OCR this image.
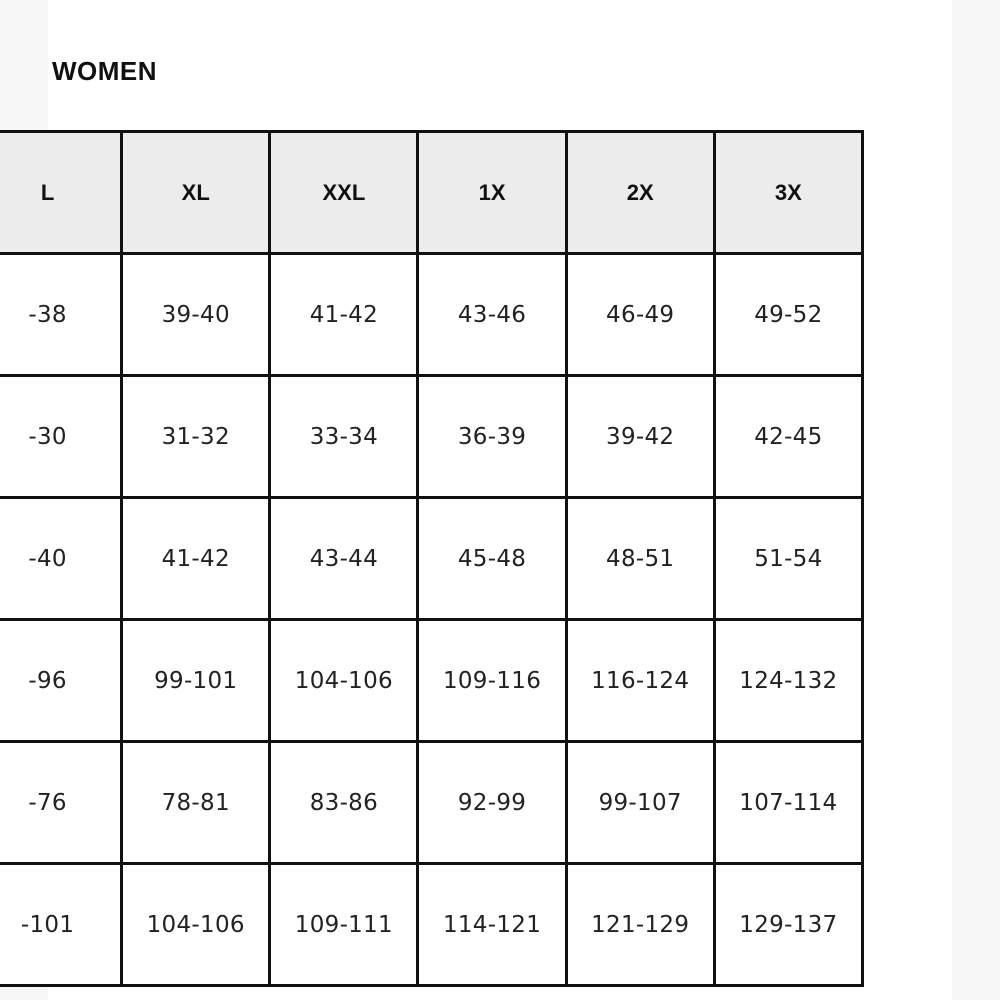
WOMEN
L	XL	XXL	1X	2X	3X
-38	39-40	41-42	43-46	46-49	49-52
-30	31-32	33-34	36-39	39-42	42-45
-40	41-42	43-44	45-48	48-51	51-54
-96	99-101	104-106	109-116	116-124	124-132
-76	78-81	83-86	92-99	99-107	107-114
-101	104-106	109-111	114-121	121-129	129-137
